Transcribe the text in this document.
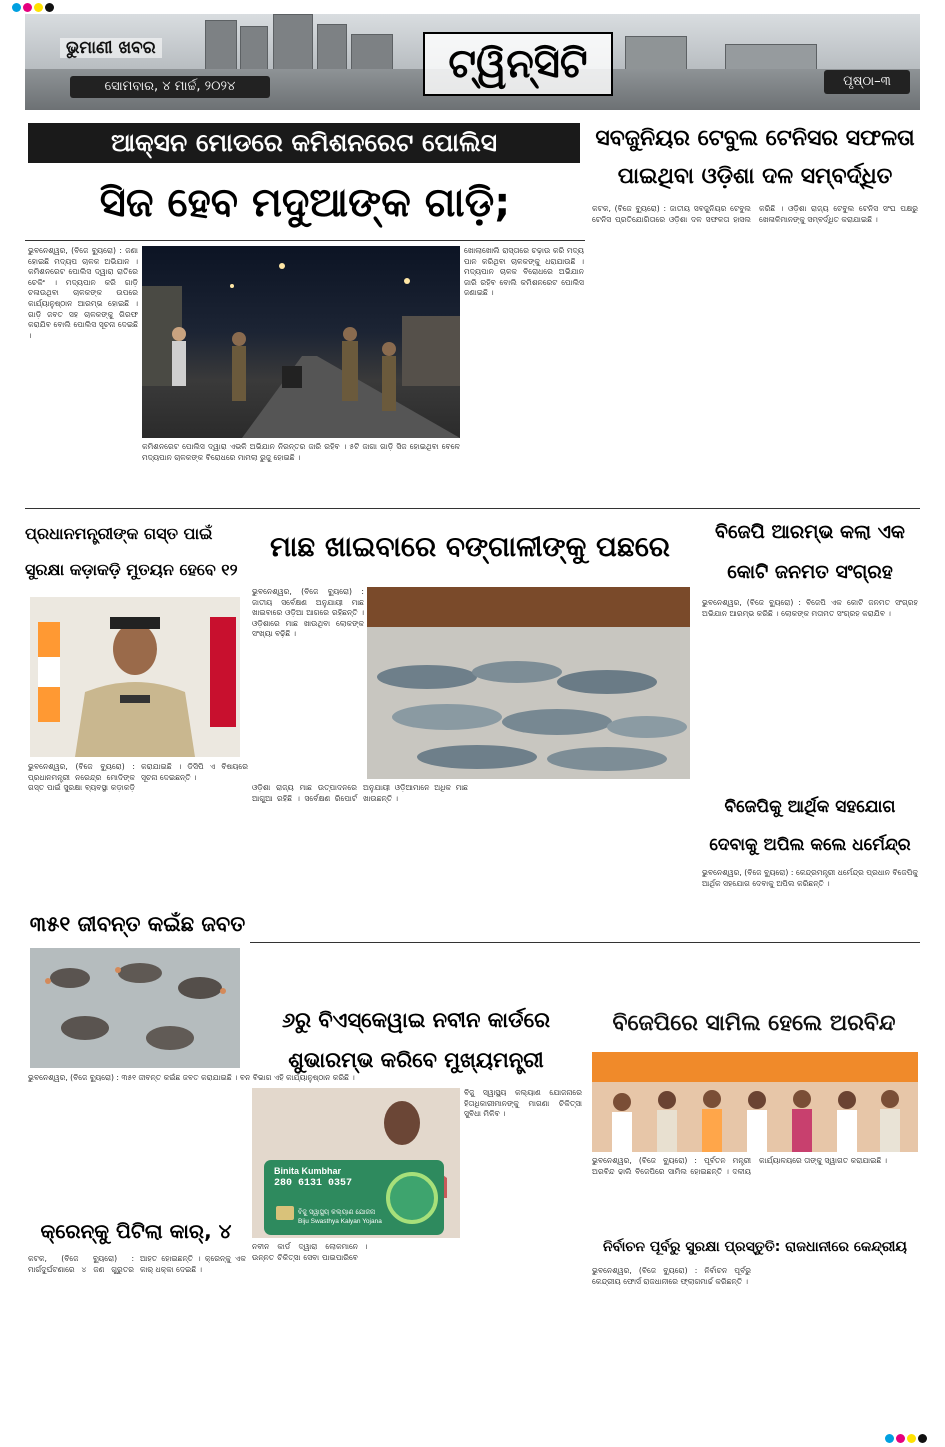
ଭୁମାଣୀ ଖବର	ଟ୍ୱିନ୍‌ସିଟି
ସୋମବାର, ୪ ମାର୍ଚ୍ଚ, ୨୦୨୪	ପୃଷ୍ଠା–୩
ଆକ୍ସନ ମୋଡରେ କମିଶନରେଟ ପୋଲିସ
ସିଜ ହେବ ମଦୁଆଙ୍କ ଗାଡ଼ି;
ଭୁବନେଶ୍ୱର, (ବିଜେ ବ୍ୟୁରୋ) : ଜଣା ହୋଇଛି ମଦ୍ୟପ ଚାଳକ ଅଭିଯାନ । କମିଶନରେଟ ପୋଲିସ ଦ୍ୱାରା ରାତିରେ ଚେକିଂ । ମଦ୍ୟପାନ କରି ଗାଡ଼ି ଚଳାଉଥିବା ଚାଳକଙ୍କ ଉପରେ କାର୍ଯ୍ୟାନୁଷ୍ଠାନ ଆରମ୍ଭ ହୋଇଛି । ଗାଡ଼ି ଜବତ ସହ ଚାଳକଙ୍କୁ ଗିରଫ କରାଯିବ ବୋଲି ପୋଲିସ ସୂଚନା ଦେଇଛି ।
କମିଶନରେଟ ପୋଲିସ ଦ୍ୱାରା ଏଭଳି ଅଭିଯାନ ନିରନ୍ତର ଜାରି ରହିବ । ୫ଟି ଜାଗା ଗାଡ଼ି ସିଜ ହୋଇଥିବା ବେଳେ ମଦ୍ୟପାନ ଚାଳକଙ୍କ ବିରୋଧରେ ମାମଲା ରୁଜୁ ହୋଇଛି ।
ଖୋଲାଖୋଲି ରାସ୍ତାରେ ଚଢ଼ାଉ କରି ମଦ୍ୟ ପାନ କରିଥିବା ଚାଳକଙ୍କୁ ଧରାଯାଉଛି । ମଦ୍ୟପାନ ଚାଳକ ବିରୋଧରେ ଅଭିଯାନ ଜାରି ରହିବ ବୋଲି କମିଶନରେଟ ପୋଲିସ ଜଣାଇଛି ।
ସବଜୁନିୟର ଟେବୁଲ ଟେନିସର ସଫଳତା ପାଇଥିବା ଓଡ଼ିଶା ଦଳ ସମ୍ବର୍ଦ୍ଧିତ
କଟକ, (ବିଜେ ବ୍ୟୁରୋ) : ଜାତୀୟ ସବଜୁନିୟର ଟେବୁଲ ଟେନିସ ପ୍ରତିଯୋଗିତାରେ ଓଡ଼ିଶା ଦଳ ସଫଳତା ହାସଲ କରିଛି । ଓଡ଼ିଶା ରାଜ୍ୟ ଟେବୁଲ ଟେନିସ ସଂଘ ପକ୍ଷରୁ ଖେଳାଳିମାନଙ୍କୁ ସମ୍ବର୍ଦ୍ଧିତ କରାଯାଇଛି ।
ପ୍ରଧାନମନ୍ତ୍ରୀଙ୍କ ଗସ୍ତ ପାଇଁ ସୁରକ୍ଷା କଡ଼ାକଡ଼ି ମୁତୟନ ହେବେ ୧୨
ଭୁବନେଶ୍ୱର, (ବିଜେ ବ୍ୟୁରୋ) : ପ୍ରଧାନମନ୍ତ୍ରୀ ନରେନ୍ଦ୍ର ମୋଦିଙ୍କ ଗସ୍ତ ପାଇଁ ସୁରକ୍ଷା ବ୍ୟବସ୍ଥା କଡ଼ାକଡ଼ି କରାଯାଇଛି । ଡିସିପି ଏ ବିଷୟରେ ସୂଚନା ଦେଇଛନ୍ତି ।
୩୫୧ ଜୀବନ୍ତ କଇଁଛ ଜବତ
ଭୁବନେଶ୍ୱର, (ବିଜେ ବ୍ୟୁରୋ) : ୩୫୧ ଜୀବନ୍ତ କଇଁଛ ଜବତ କରାଯାଇଛି । ବନ ବିଭାଗ ଏହି କାର୍ଯ୍ୟାନୁଷ୍ଠାନ କରିଛି ।
ମାଛ ଖାଇବାରେ ବଙ୍ଗାଳୀଙ୍କୁ ପଛରେ
ଭୁବନେଶ୍ୱର, (ବିଜେ ବ୍ୟୁରୋ) : ଜାତୀୟ ସର୍ବେକ୍ଷଣ ଅନୁଯାୟୀ ମାଛ ଖାଇବାରେ ଓଡ଼ିଆ ଆଗରେ ରହିଛନ୍ତି । ଓଡ଼ିଶାରେ ମାଛ ଖାଉଥିବା ଲୋକଙ୍କ ସଂଖ୍ୟା ବଢ଼ିଛି ।
ଓଡ଼ିଶା ରାଜ୍ୟ ମାଛ ଉତ୍ପାଦନରେ ଆଗୁଆ ରହିଛି । ସର୍ବେକ୍ଷଣ ରିପୋର୍ଟ ଅନୁଯାୟୀ ଓଡ଼ିଆମାନେ ଅଧିକ ମାଛ ଖାଉଛନ୍ତି ।
ବିଜେପି ଆରମ୍ଭ କଲା ଏକ କୋଟି ଜନମତ ସଂଗ୍ରହ
ଭୁବନେଶ୍ୱର, (ବିଜେ ବ୍ୟୁରୋ) : ବିଜେପି ଏକ କୋଟି ଜନମତ ସଂଗ୍ରହ ଅଭିଯାନ ଆରମ୍ଭ କରିଛି । ଲୋକଙ୍କ ମତାମତ ସଂଗ୍ରହ କରାଯିବ ।
ବିଜେପିକୁ ଆର୍ଥିକ ସହଯୋଗ ଦେବାକୁ ଅପିଲ କଲେ ଧର୍ମେନ୍ଦ୍ର
ଭୁବନେଶ୍ୱର, (ବିଜେ ବ୍ୟୁରୋ) : କେନ୍ଦ୍ରମନ୍ତ୍ରୀ ଧର୍ମେନ୍ଦ୍ର ପ୍ରଧାନ ବିଜେପିକୁ ଆର୍ଥିକ ସହଯୋଗ ଦେବାକୁ ଅପିଲ କରିଛନ୍ତି ।
୬ରୁ ବିଏସ୍‌କେୱାଇ ନବୀନ କାର୍ଡରେ ଶୁଭାରମ୍ଭ କରିବେ ମୁଖ୍ୟମନ୍ତ୍ରୀ
Binita Kumbhar
280 6131 0357
ବିଜୁ ସ୍ୱାସ୍ଥ୍ୟ କଲ୍ୟାଣ ଯୋଜନା
Biju Swasthya Kalyan Yojana
ବିଜୁ ସ୍ୱାସ୍ଥ୍ୟ କଲ୍ୟାଣ ଯୋଜନାରେ ହିତାଧିକାରୀମାନଙ୍କୁ ମାଗଣା ଚିକିତ୍ସା ସୁବିଧା ମିଳିବ ।
ନବୀନ କାର୍ଡ ଦ୍ୱାରା ଲୋକମାନେ ଉନ୍ନତ ଚିକିତ୍ସା ସେବା ପାଇପାରିବେ ।
ବିଜେପିରେ ସାମିଲ ହେଲେ ଅରବିନ୍ଦ
ଭୁବନେଶ୍ୱର, (ବିଜେ ବ୍ୟୁରୋ) : ପୂର୍ବତନ ମନ୍ତ୍ରୀ ଅରବିନ୍ଦ ଢାଲି ବିଜେପିରେ ସାମିଲ ହୋଇଛନ୍ତି । ଦଳୀୟ କାର୍ଯ୍ୟାଳୟରେ ତାଙ୍କୁ ସ୍ୱାଗତ କରାଯାଇଛି ।
ନିର୍ବାଚନ ପୂର୍ବରୁ ସୁରକ୍ଷା ପ୍ରସ୍ତୁତି: ରାଜଧାନୀରେ କେନ୍ଦ୍ରୀୟ
ଭୁବନେଶ୍ୱର, (ବିଜେ ବ୍ୟୁରୋ) : ନିର୍ବାଚନ ପୂର୍ବରୁ କେନ୍ଦ୍ରୀୟ ଫୋର୍ସ ରାଜଧାନୀରେ ଫ୍ଲାଗମାର୍ଚ୍ଚ କରିଛନ୍ତି ।
କ୍ରେନ୍‌କୁ ପିଟିଲା କାର୍‌, ୪
କଟକ, (ବିଜେ ବ୍ୟୁରୋ) : ମାର୍ଗଦୁର୍ଘଟଣାରେ ୪ ଜଣ ଗୁରୁତର ଆହତ ହୋଇଛନ୍ତି । କ୍ରେନ୍‌କୁ ଏକ କାର୍‌ ଧକ୍କା ଦେଇଛି ।
